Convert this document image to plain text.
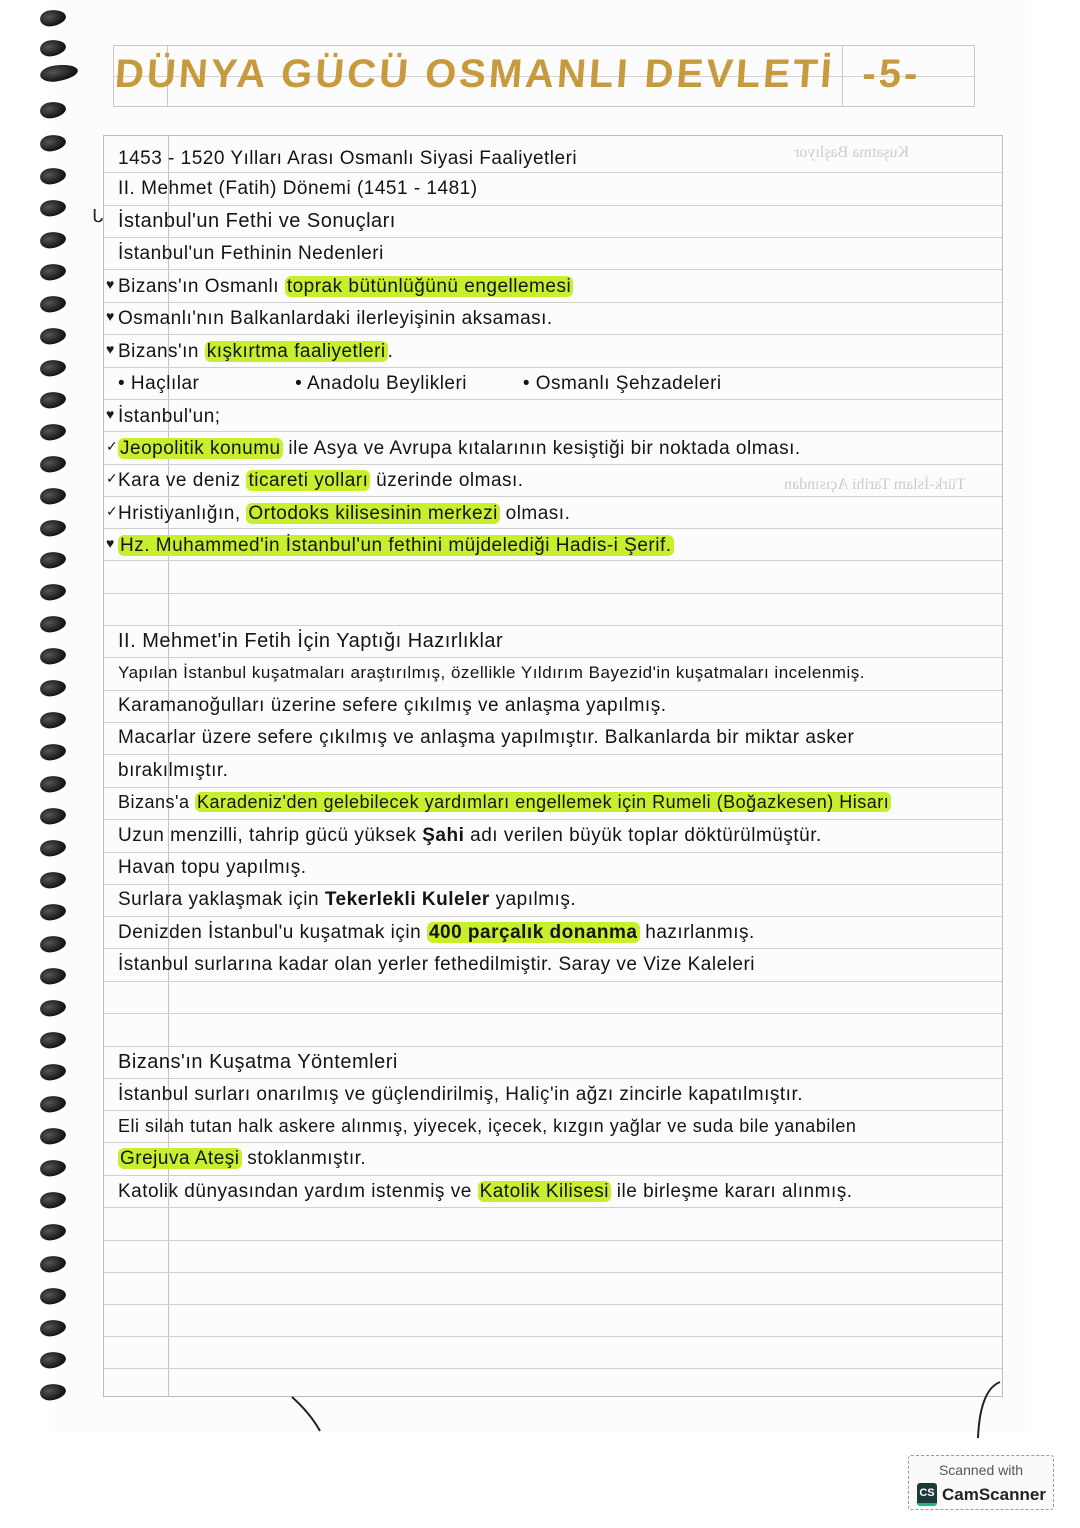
DÜNYA GÜCÜ OSMANLI DEVLETİ -5-
Kuşatma Başlıyor
Türk-İslam Tarihi Açısından
1453 - 1520 Yılları Arası Osmanlı Siyasi Faaliyetleri
II. Mehmet (Fatih) Dönemi (1451 - 1481)
ᒐ İstanbul'un Fethi ve Sonuçları
İstanbul'un Fethinin Nedenleri
♥ Bizans'ın Osmanlı toprak bütünlüğünü engellemesi
♥ Osmanlı'nın Balkanlardaki ilerleyişinin aksaması.
♥ Bizans'ın kışkırtma faaliyetleri .
• Haçlılar	• Anadolu Beylikleri	• Osmanlı Şehzadeleri
♥ İstanbul'un;
✓ Jeopolitik konumu ile Asya ve Avrupa kıtalarının kesiştiği bir noktada olması.
✓ Kara ve deniz ticareti yolları üzerinde olması.
✓ Hristiyanlığın, Ortodoks kilisesinin merkezi olması.
♥ Hz. Muhammed'in İstanbul'un fethini müjdelediği Hadis-i Şerif.
II. Mehmet'in Fetih İçin Yaptığı Hazırlıklar
Yapılan İstanbul kuşatmaları araştırılmış, özellikle Yıldırım Bayezid'in kuşatmaları incelenmiş.
Karamanoğulları üzerine sefere çıkılmış ve anlaşma yapılmış.
Macarlar üzere sefere çıkılmış ve anlaşma yapılmıştır. Balkanlarda bir miktar asker
bırakılmıştır.
Bizans'a Karadeniz'den gelebilecek yardımları engellemek için Rumeli (Boğazkesen) Hisarı
Uzun menzilli, tahrip gücü yüksek Şahi adı verilen büyük toplar döktürülmüştür.
Havan topu yapılmış.
Surlara yaklaşmak için Tekerlekli Kuleler yapılmış.
Denizden İstanbul'u kuşatmak için 400 parçalık donanma hazırlanmış.
İstanbul surlarına kadar olan yerler fethedilmiştir. Saray ve Vize Kaleleri
Bizans'ın Kuşatma Yöntemleri
İstanbul surları onarılmış ve güçlendirilmiş, Haliç'in ağzı zincirle kapatılmıştır.
Eli silah tutan halk askere alınmış, yiyecek, içecek, kızgın yağlar ve suda bile yanabilen
Grejuva Ateşi stoklanmıştır.
Katolik dünyasından yardım istenmiş ve Katolik Kilisesi ile birleşme kararı alınmış.
Scanned with
CS CamScanner
